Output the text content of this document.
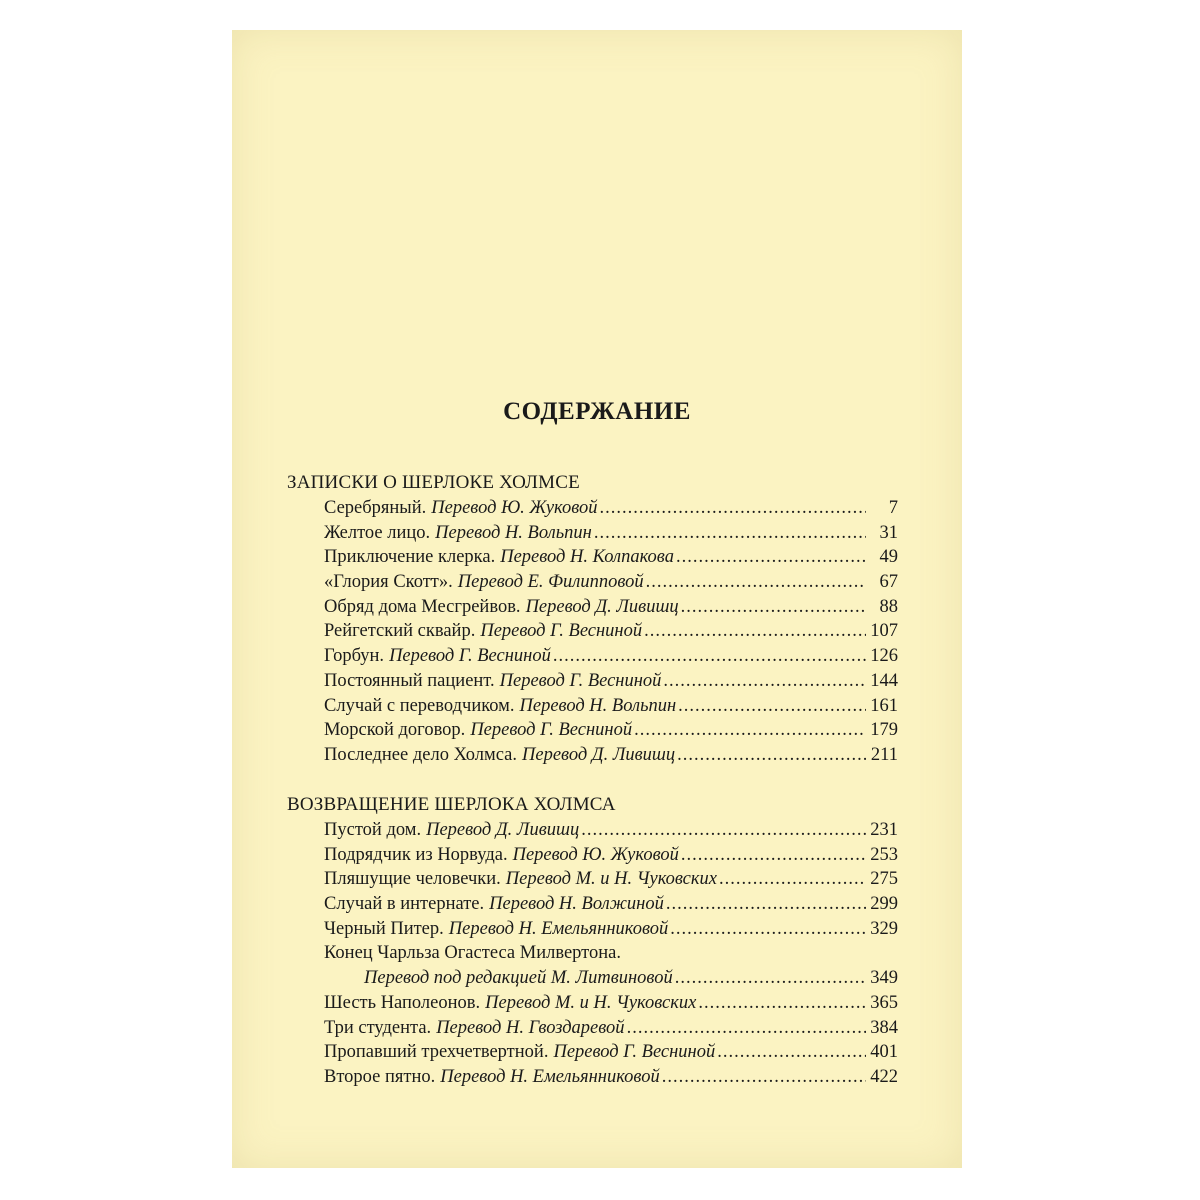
СОДЕРЖАНИЕ
ЗАПИСКИ О ШЕРЛОКЕ ХОЛМСЕ
Серебряный. Перевод Ю. Жуковой .....	7
Желтое лицо. Перевод Н. Вольпин .....	31
Приключение клерка. Перевод Н. Колпакова .....	49
«Глория Скотт». Перевод Е. Филипповой .....	67
Обряд дома Месгрейвов. Перевод Д. Ливишц .....	88
Рейгетский сквайр. Перевод Г. Весниной .....	107
Горбун. Перевод Г. Весниной .....	126
Постоянный пациент. Перевод Г. Весниной .....	144
Случай с переводчиком. Перевод Н. Вольпин .....	161
Морской договор. Перевод Г. Весниной .....	179
Последнее дело Холмса. Перевод Д. Ливишц .....	211
ВОЗВРАЩЕНИЕ ШЕРЛОКА ХОЛМСА
Пустой дом. Перевод Д. Ливишц .....	231
Подрядчик из Норвуда. Перевод Ю. Жуковой .....	253
Пляшущие человечки. Перевод М. и Н. Чуковских .....	275
Случай в интернате. Перевод Н. Волжиной .....	299
Черный Питер. Перевод Н. Емельянниковой .....	329
Конец Чарльза Огастеса Милвертона.
Перевод под редакцией М. Литвиновой .....	349
Шесть Наполеонов. Перевод М. и Н. Чуковских .....	365
Три студента. Перевод Н. Гвоздаревой .....	384
Пропавший трехчетвертной. Перевод Г. Весниной .....	401
Второе пятно. Перевод Н. Емельянниковой .....	422
